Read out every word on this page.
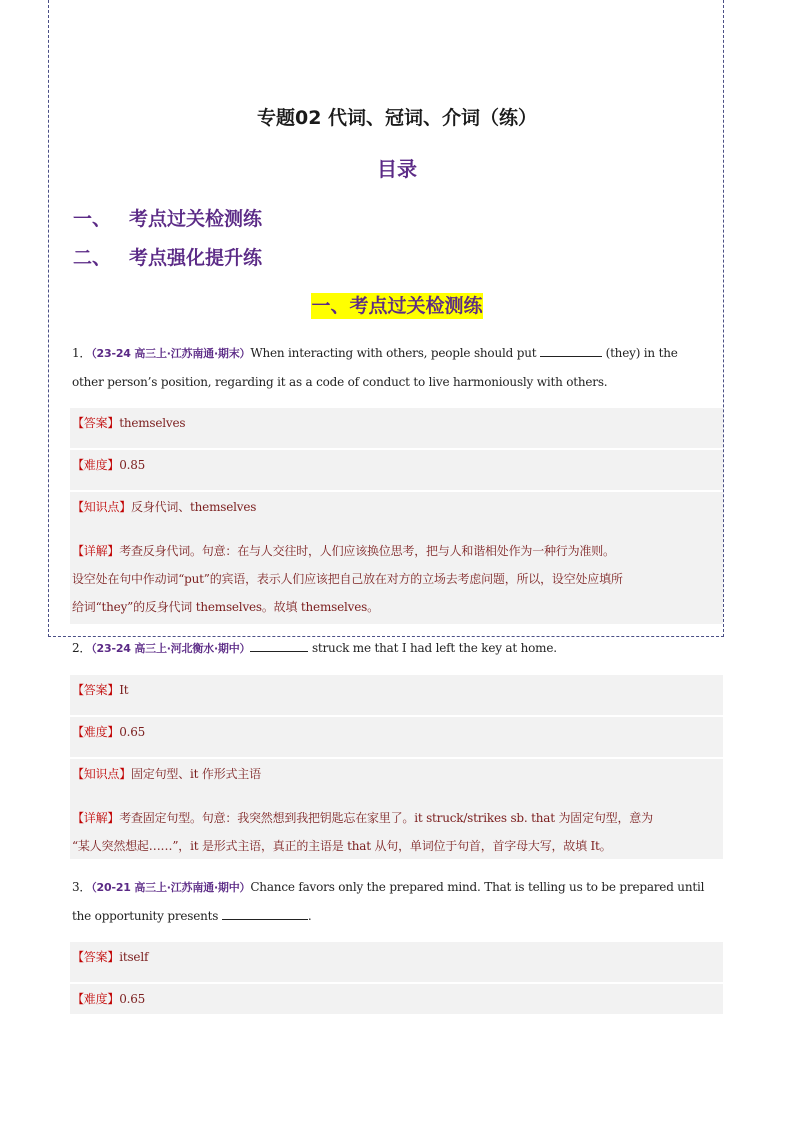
专题02 代词、冠词、介词（练）
目录
一、 考点过关检测练
二、 考点强化提升练
一、考点过关检测练
1．（23-24 高三上·江苏南通·期末）When interacting with others, people should put	(they) in the
other person’s position, regarding it as a code of conduct to live harmoniously with others.
【答案】themselves
【难度】0.85
【知识点】反身代词、themselves
【详解】考查反身代词。句意：在与人交往时，人们应该换位思考，把与人和谐相处作为一种行为准则。
设空处在句中作动词“put”的宾语，表示人们应该把自己放在对方的立场去考虑问题，所以，设空处应填所
给词“they”的反身代词 themselves。故填 themselves。
2．（23-24 高三上·河北衡水·期中）	struck me that I had left the key at home.
【答案】It
【难度】0.65
【知识点】固定句型、it 作形式主语
【详解】考查固定句型。句意：我突然想到我把钥匙忘在家里了。it struck/strikes sb. that 为固定句型，意为
“某人突然想起……”，it 是形式主语，真正的主语是 that 从句，单词位于句首，首字母大写，故填 It。
3．（20-21 高三上·江苏南通·期中）Chance favors only the prepared mind. That is telling us to be prepared until
the opportunity presents	.
【答案】itself
【难度】0.65
